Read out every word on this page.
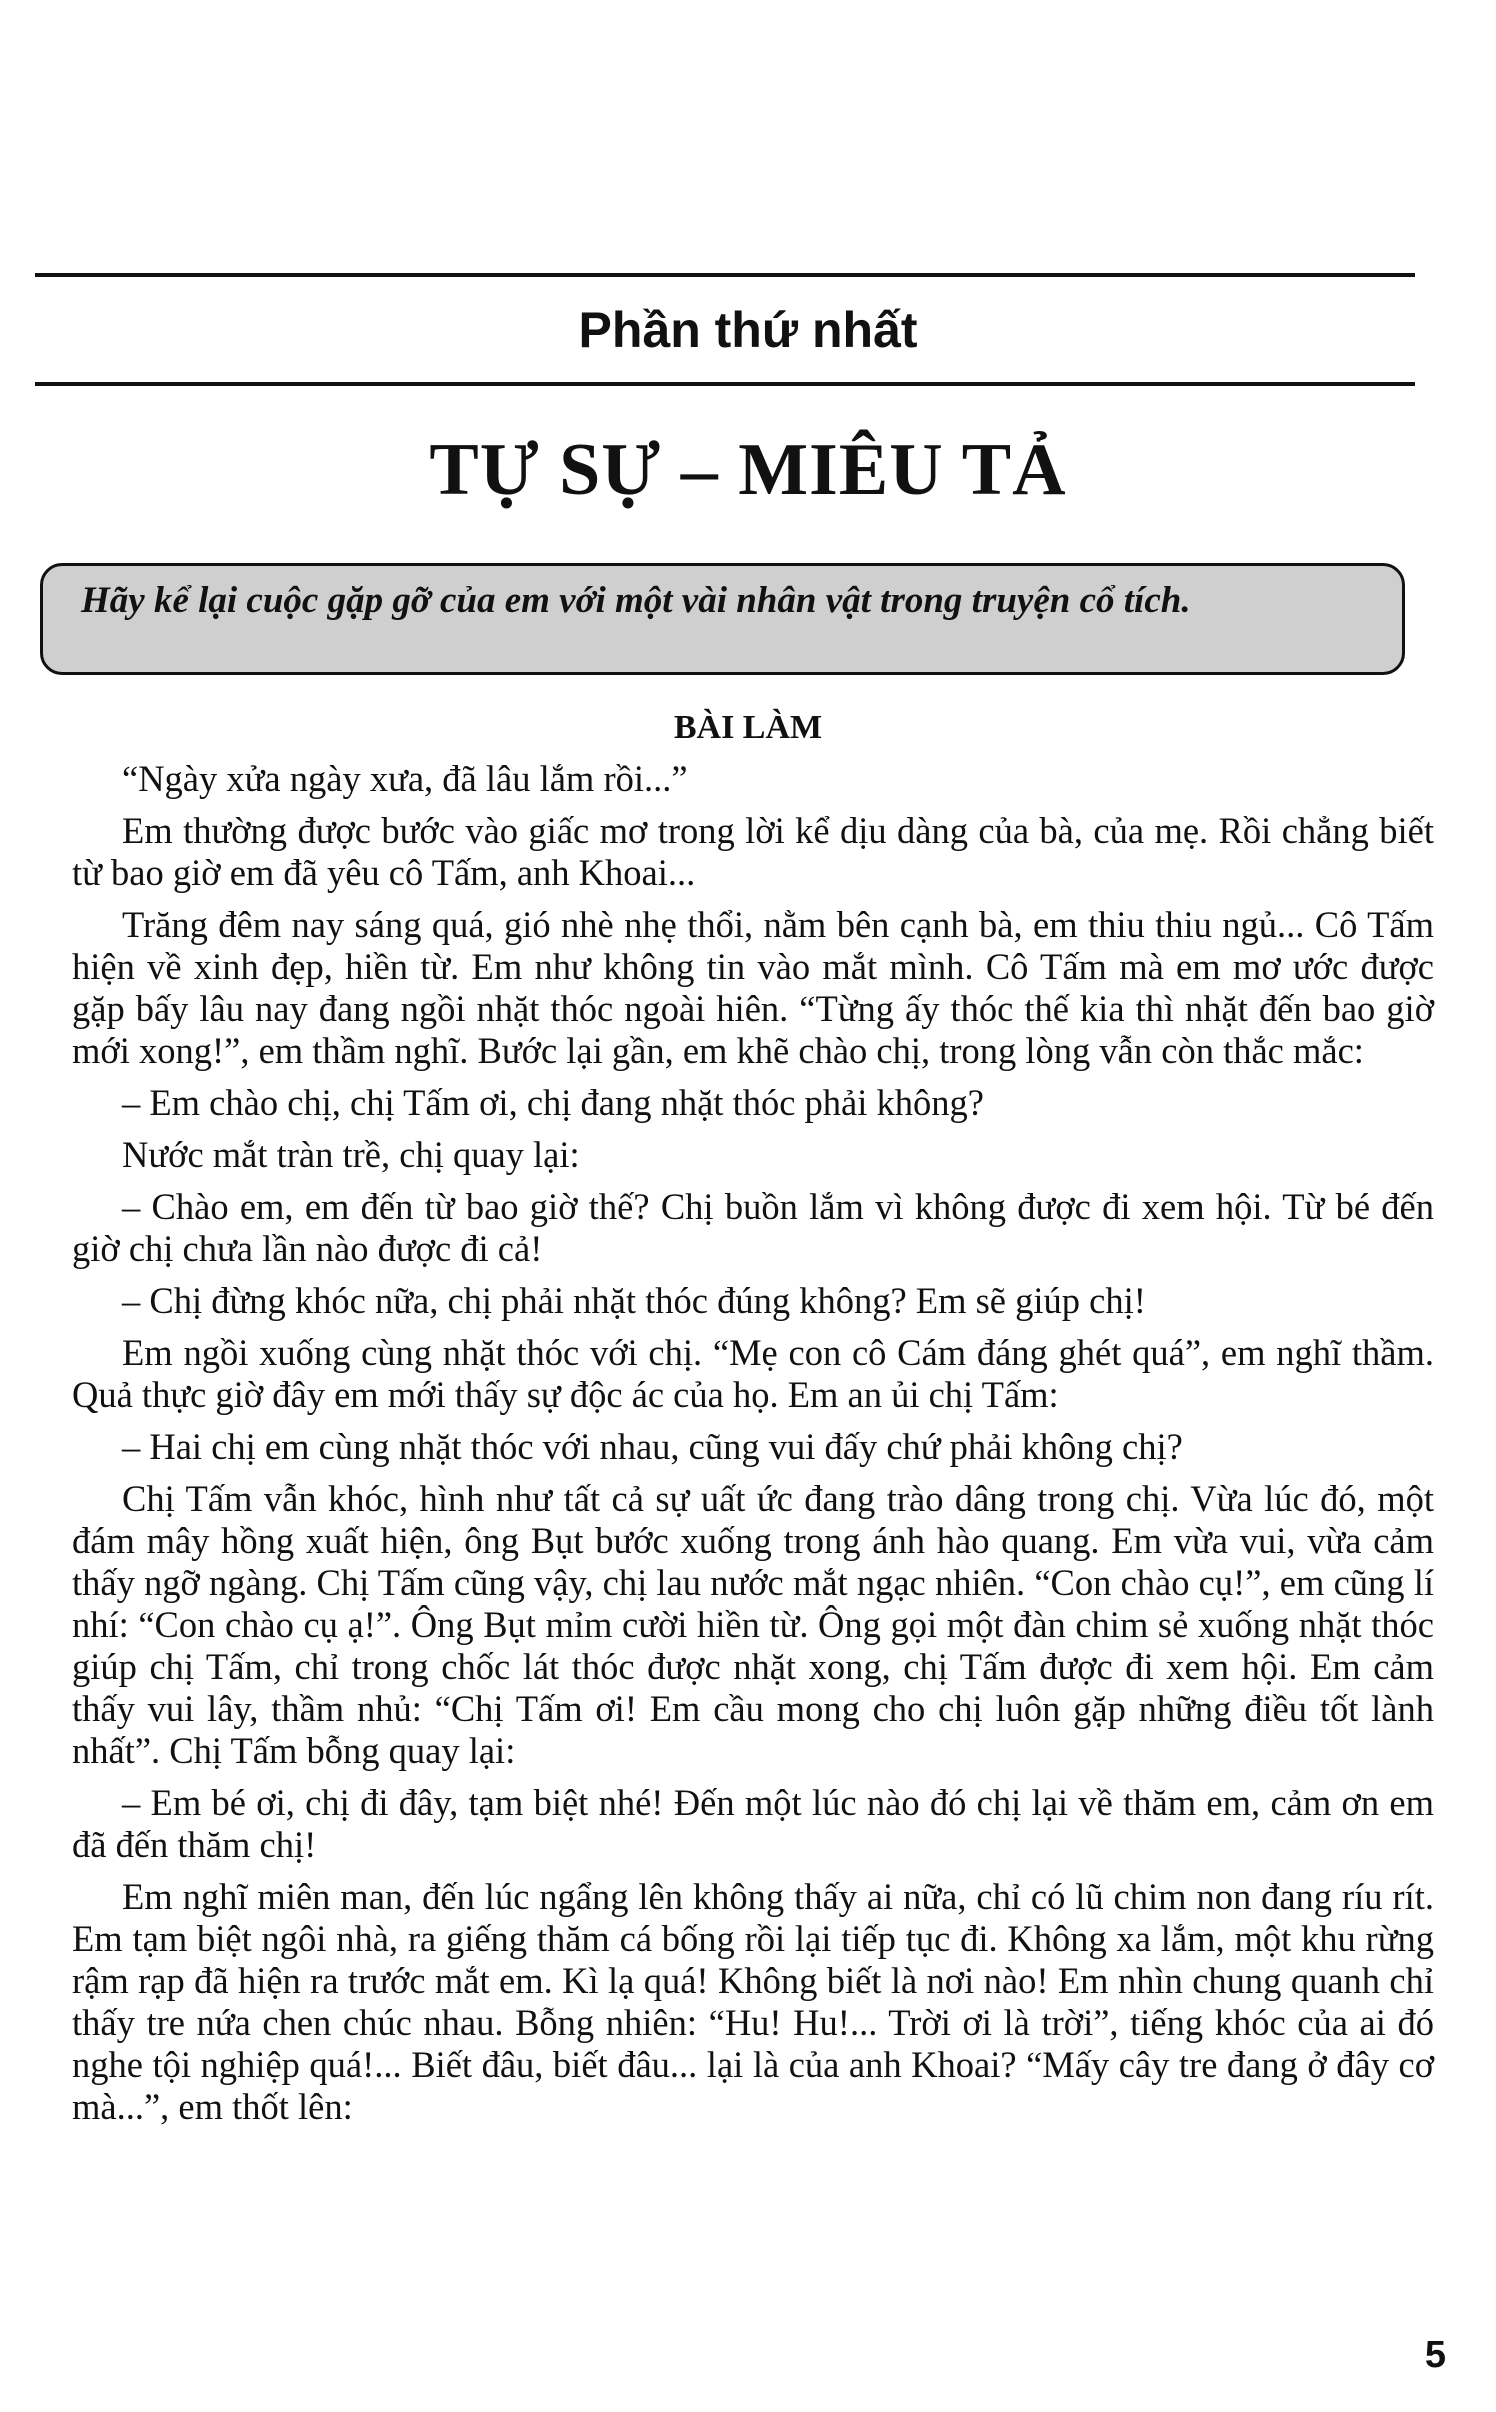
Phần thứ nhất
TỰ SỰ – MIÊU TẢ
Hãy kể lại cuộc gặp gỡ của em với một vài nhân vật trong truyện cổ tích.
BÀI LÀM

“Ngày xửa ngày xưa, đã lâu lắm rồi...”

Em thường được bước vào giấc mơ trong lời kể dịu dàng của bà, của mẹ. Rồi chẳng biết từ bao giờ em đã yêu cô Tấm, anh Khoai...

Trăng đêm nay sáng quá, gió nhè nhẹ thổi, nằm bên cạnh bà, em thiu thiu ngủ... Cô Tấm hiện về xinh đẹp, hiền từ. Em như không tin vào mắt mình. Cô Tấm mà em mơ ước được gặp bấy lâu nay đang ngồi nhặt thóc ngoài hiên. “Từng ấy thóc thế kia thì nhặt đến bao giờ mới xong!”, em thầm nghĩ. Bước lại gần, em khẽ chào chị, trong lòng vẫn còn thắc mắc:

– Em chào chị, chị Tấm ơi, chị đang nhặt thóc phải không?

Nước mắt tràn trề, chị quay lại:

– Chào em, em đến từ bao giờ thế? Chị buồn lắm vì không được đi xem hội. Từ bé đến giờ chị chưa lần nào được đi cả!

– Chị đừng khóc nữa, chị phải nhặt thóc đúng không? Em sẽ giúp chị!

Em ngồi xuống cùng nhặt thóc với chị. “Mẹ con cô Cám đáng ghét quá”, em nghĩ thầm. Quả thực giờ đây em mới thấy sự độc ác của họ. Em an ủi chị Tấm:

– Hai chị em cùng nhặt thóc với nhau, cũng vui đấy chứ phải không chị?

Chị Tấm vẫn khóc, hình như tất cả sự uất ức đang trào dâng trong chị. Vừa lúc đó, một đám mây hồng xuất hiện, ông Bụt bước xuống trong ánh hào quang. Em vừa vui, vừa cảm thấy ngỡ ngàng. Chị Tấm cũng vậy, chị lau nước mắt ngạc nhiên. “Con chào cụ!”, em cũng lí nhí: “Con chào cụ ạ!”. Ông Bụt mỉm cười hiền từ. Ông gọi một đàn chim sẻ xuống nhặt thóc giúp chị Tấm, chỉ trong chốc lát thóc được nhặt xong, chị Tấm được đi xem hội. Em cảm thấy vui lây, thầm nhủ: “Chị Tấm ơi! Em cầu mong cho chị luôn gặp những điều tốt lành nhất”. Chị Tấm bỗng quay lại:

– Em bé ơi, chị đi đây, tạm biệt nhé! Đến một lúc nào đó chị lại về thăm em, cảm ơn em đã đến thăm chị!

Em nghĩ miên man, đến lúc ngẩng lên không thấy ai nữa, chỉ có lũ chim non đang ríu rít. Em tạm biệt ngôi nhà, ra giếng thăm cá bống rồi lại tiếp tục đi. Không xa lắm, một khu rừng rậm rạp đã hiện ra trước mắt em. Kì lạ quá! Không biết là nơi nào! Em nhìn chung quanh chỉ thấy tre nứa chen chúc nhau. Bỗng nhiên: “Hu! Hu!... Trời ơi là trời”, tiếng khóc của ai đó nghe tội nghiệp quá!... Biết đâu, biết đâu... lại là của anh Khoai? “Mấy cây tre đang ở đây cơ mà...”, em thốt lên:

5
